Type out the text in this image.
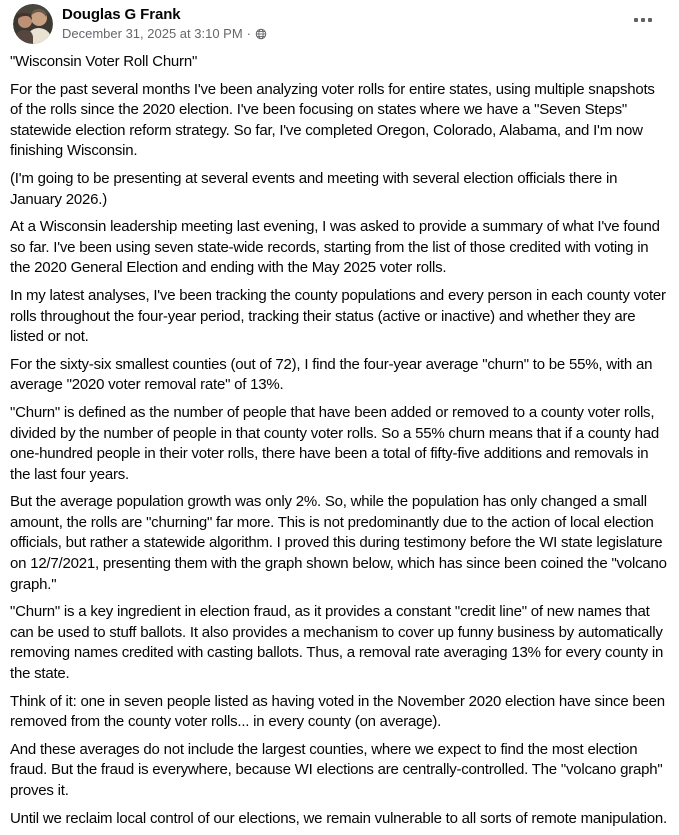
Douglas G Frank
December 31, 2025 at 3:10 PM ·

"Wisconsin Voter Roll Churn"

For the past several months I've been analyzing voter rolls for entire states, using multiple snapshots of the rolls since the 2020 election. I've been focusing on states where we have a "Seven Steps" statewide election reform strategy. So far, I've completed Oregon, Colorado, Alabama, and I'm now finishing Wisconsin.

(I'm going to be presenting at several events and meeting with several election officials there in January 2026.)

At a Wisconsin leadership meeting last evening, I was asked to provide a summary of what I've found so far. I've been using seven state-wide records, starting from the list of those credited with voting in the 2020 General Election and ending with the May 2025 voter rolls.

In my latest analyses, I've been tracking the county populations and every person in each county voter rolls throughout the four-year period, tracking their status (active or inactive) and whether they are listed or not.

For the sixty-six smallest counties (out of 72), I find the four-year average "churn" to be 55%, with an average "2020 voter removal rate" of 13%.

"Churn" is defined as the number of people that have been added or removed to a county voter rolls, divided by the number of people in that county voter rolls. So a 55% churn means that if a county had one-hundred people in their voter rolls, there have been a total of fifty-five additions and removals in the last four years.

But the average population growth was only 2%. So, while the population has only changed a small amount, the rolls are "churning" far more. This is not predominantly due to the action of local election officials, but rather a statewide algorithm. I proved this during testimony before the WI state legislature on 12/7/2021, presenting them with the graph shown below, which has since been coined the "volcano graph."

"Churn" is a key ingredient in election fraud, as it provides a constant "credit line" of new names that can be used to stuff ballots. It also provides a mechanism to cover up funny business by automatically removing names credited with casting ballots. Thus, a removal rate averaging 13% for every county in the state.

Think of it: one in seven people listed as having voted in the November 2020 election have since been removed from the county voter rolls... in every county (on average).

And these averages do not include the largest counties, where we expect to find the most election fraud. But the fraud is everywhere, because WI elections are centrally-controlled. The "volcano graph" proves it.

Until we reclaim local control of our elections, we remain vulnerable to all sorts of remote manipulation.
